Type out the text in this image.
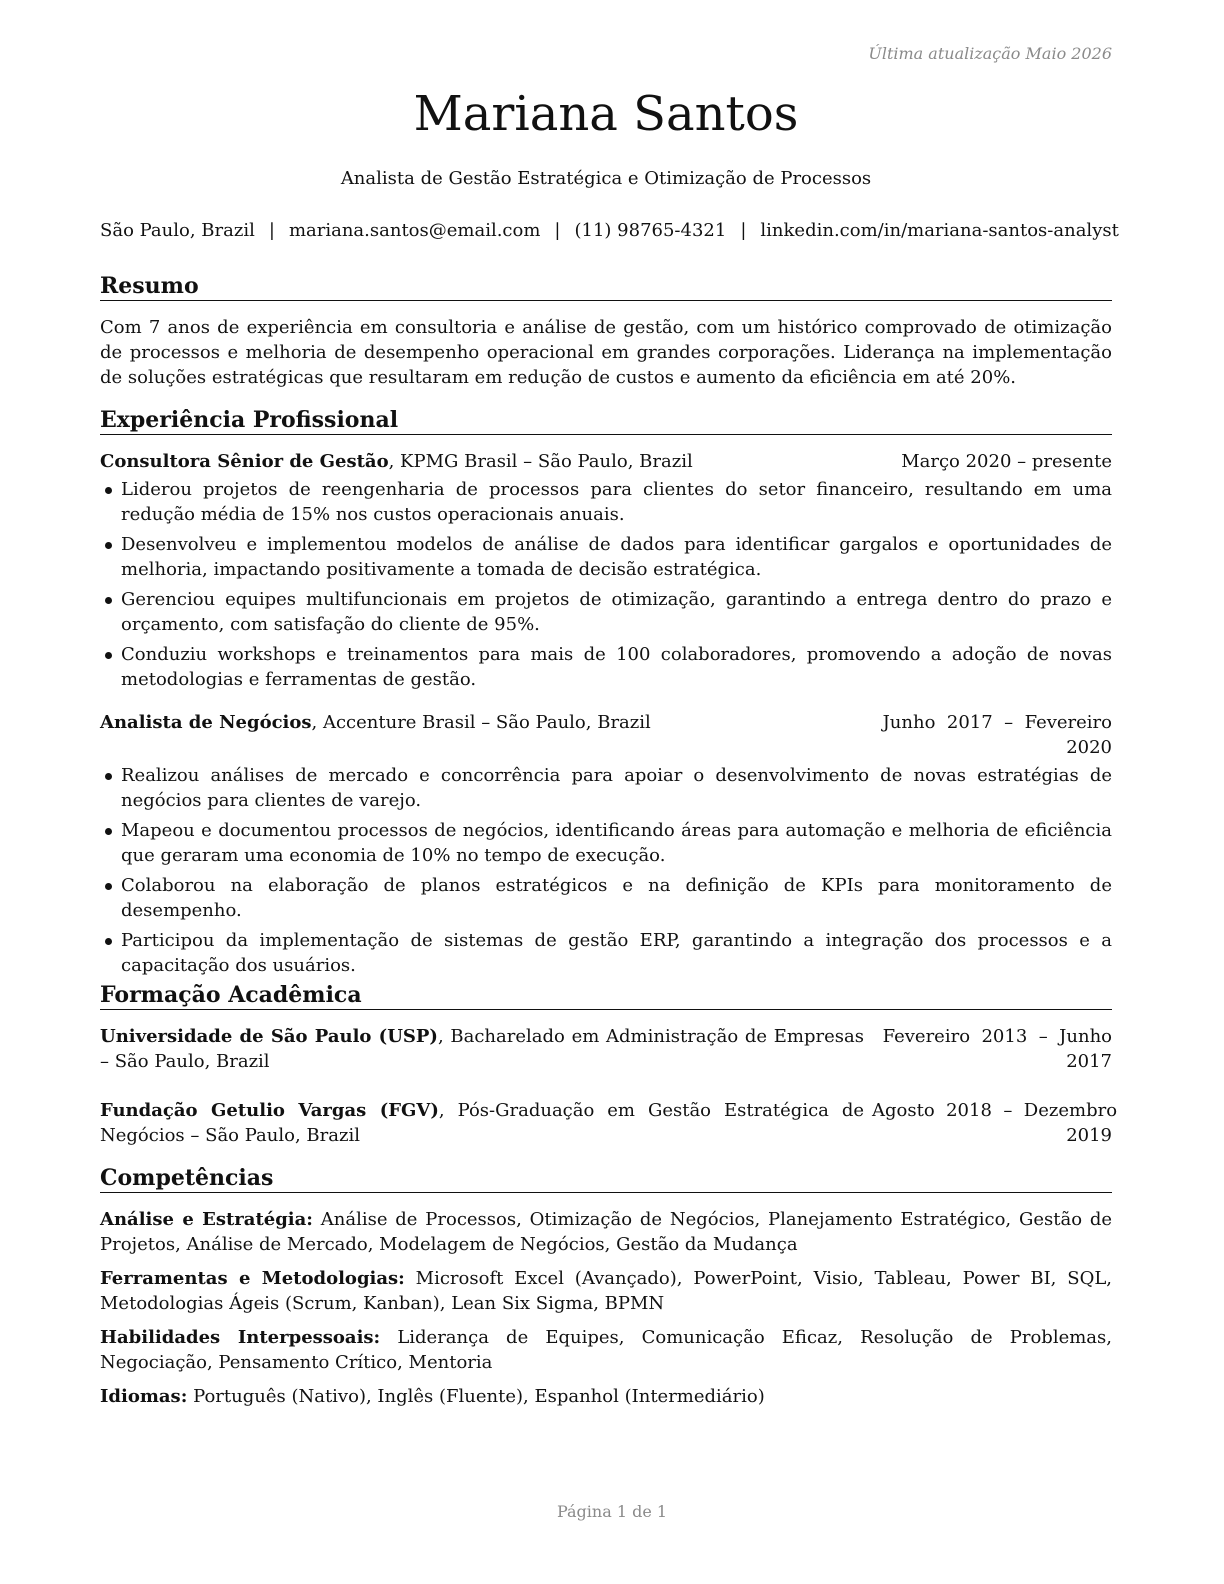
Última atualização Maio 2026
Mariana Santos
Analista de Gestão Estratégica e Otimização de Processos
São Paulo, Brazil | mariana.santos@email.com | (11) 98765-4321 | linkedin.com/in/mariana-santos-analyst
Resumo

Com 7 anos de experiência em consultoria e análise de gestão, com um histórico comprovado de otimização de processos e melhoria de desempenho operacional em grandes corporações. Liderança na implementação de soluções estratégicas que resultaram em redução de custos e aumento da eficiência em até 20%.

Experiência Profissional
Consultora Sênior de Gestão, KPMG Brasil – São Paulo, Brazil	Março 2020 – presente
Liderou projetos de reengenharia de processos para clientes do setor financeiro, resultando em uma redução média de 15% nos custos operacionais anuais.
Desenvolveu e implementou modelos de análise de dados para identificar gargalos e oportunidades de melhoria, impactando positivamente a tomada de decisão estratégica.
Gerenciou equipes multifuncionais em projetos de otimização, garantindo a entrega dentro do prazo e orçamento, com satisfação do cliente de 95%.
Conduziu workshops e treinamentos para mais de 100 colaboradores, promovendo a adoção de novas metodologias e ferramentas de gestão.
Analista de Negócios, Accenture Brasil – São Paulo, Brazil	Junho  2017  –  Fevereiro
2020
Realizou análises de mercado e concorrência para apoiar o desenvolvimento de novas estratégias de negócios para clientes de varejo.
Mapeou e documentou processos de negócios, identificando áreas para automação e melhoria de eficiência que geraram uma economia de 10% no tempo de execução.
Colaborou na elaboração de planos estratégicos e na definição de KPIs para monitoramento de desempenho.
Participou da implementação de sistemas de gestão ERP, garantindo a integração dos processos e a capacitação dos usuários.
Formação Acadêmica
Universidade de São Paulo (USP), Bacharelado em Administração de Empresas – São Paulo, Brazil
Fevereiro  2013  –  Junho
2017
Fundação Getulio Vargas (FGV), Pós-Graduação em Gestão Estratégica de Negócios – São Paulo, Brazil
Agosto  2018  –  Dezembro
2019
Competências

Análise e Estratégia: Análise de Processos, Otimização de Negócios, Planejamento Estratégico, Gestão de Projetos, Análise de Mercado, Modelagem de Negócios, Gestão da Mudança

Ferramentas e Metodologias: Microsoft Excel (Avançado), PowerPoint, Visio, Tableau, Power BI, SQL, Metodologias Ágeis (Scrum, Kanban), Lean Six Sigma, BPMN

Habilidades Interpessoais: Liderança de Equipes, Comunicação Eficaz, Resolução de Problemas, Negociação, Pensamento Crítico, Mentoria

Idiomas: Português (Nativo), Inglês (Fluente), Espanhol (Intermediário)

Página 1 de 1
